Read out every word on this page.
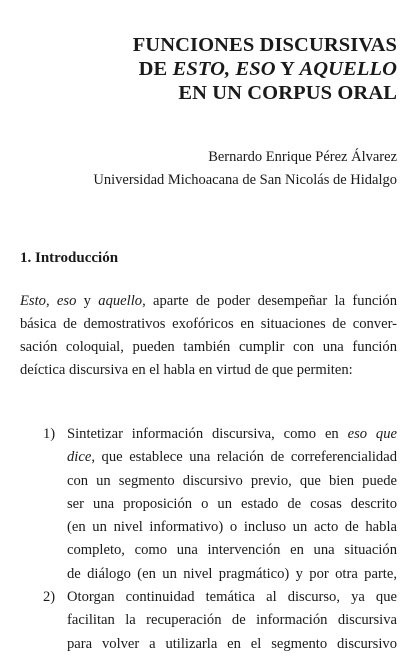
FUNCIONES DISCURSIVAS
DE ESTO, ESO Y AQUELLO
EN UN CORPUS ORAL
Bernardo Enrique Pérez Álvarez
Universidad Michoacana de San Nicolás de Hidalgo
1. Introducción
Esto, eso y aquello, aparte de poder desempeñar la función
básica de demostrativos exofóricos en situaciones de conver-
sación coloquial, pueden también cumplir con una función
deíctica discursiva en el habla en virtud de que permiten:
1) Sintetizar información discursiva, como en eso que
dice, que establece una relación de correferencialidad
con un segmento discursivo previo, que bien puede
ser una proposición o un estado de cosas descrito
(en un nivel informativo) o incluso un acto de habla
completo, como una intervención en una situación
de diálogo (en un nivel pragmático) y por otra parte,
2) Otorgan continuidad temática al discurso, ya que
facilitan la recuperación de información discursiva
para volver a utilizarla en el segmento discursivo
